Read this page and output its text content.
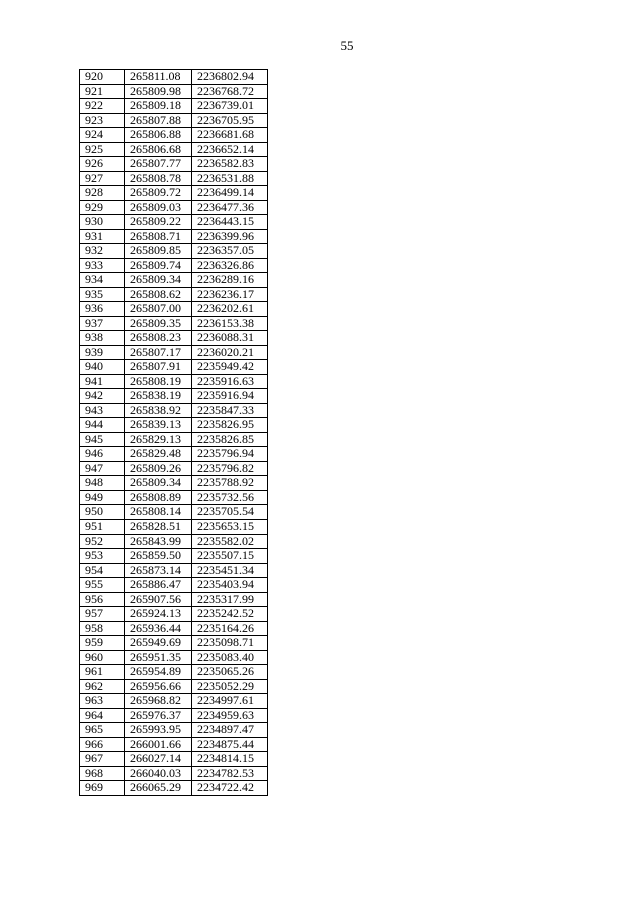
55
920	265811.08	2236802.94
921	265809.98	2236768.72
922	265809.18	2236739.01
923	265807.88	2236705.95
924	265806.88	2236681.68
925	265806.68	2236652.14
926	265807.77	2236582.83
927	265808.78	2236531.88
928	265809.72	2236499.14
929	265809.03	2236477.36
930	265809.22	2236443.15
931	265808.71	2236399.96
932	265809.85	2236357.05
933	265809.74	2236326.86
934	265809.34	2236289.16
935	265808.62	2236236.17
936	265807.00	2236202.61
937	265809.35	2236153.38
938	265808.23	2236088.31
939	265807.17	2236020.21
940	265807.91	2235949.42
941	265808.19	2235916.63
942	265838.19	2235916.94
943	265838.92	2235847.33
944	265839.13	2235826.95
945	265829.13	2235826.85
946	265829.48	2235796.94
947	265809.26	2235796.82
948	265809.34	2235788.92
949	265808.89	2235732.56
950	265808.14	2235705.54
951	265828.51	2235653.15
952	265843.99	2235582.02
953	265859.50	2235507.15
954	265873.14	2235451.34
955	265886.47	2235403.94
956	265907.56	2235317.99
957	265924.13	2235242.52
958	265936.44	2235164.26
959	265949.69	2235098.71
960	265951.35	2235083.40
961	265954.89	2235065.26
962	265956.66	2235052.29
963	265968.82	2234997.61
964	265976.37	2234959.63
965	265993.95	2234897.47
966	266001.66	2234875.44
967	266027.14	2234814.15
968	266040.03	2234782.53
969	266065.29	2234722.42
